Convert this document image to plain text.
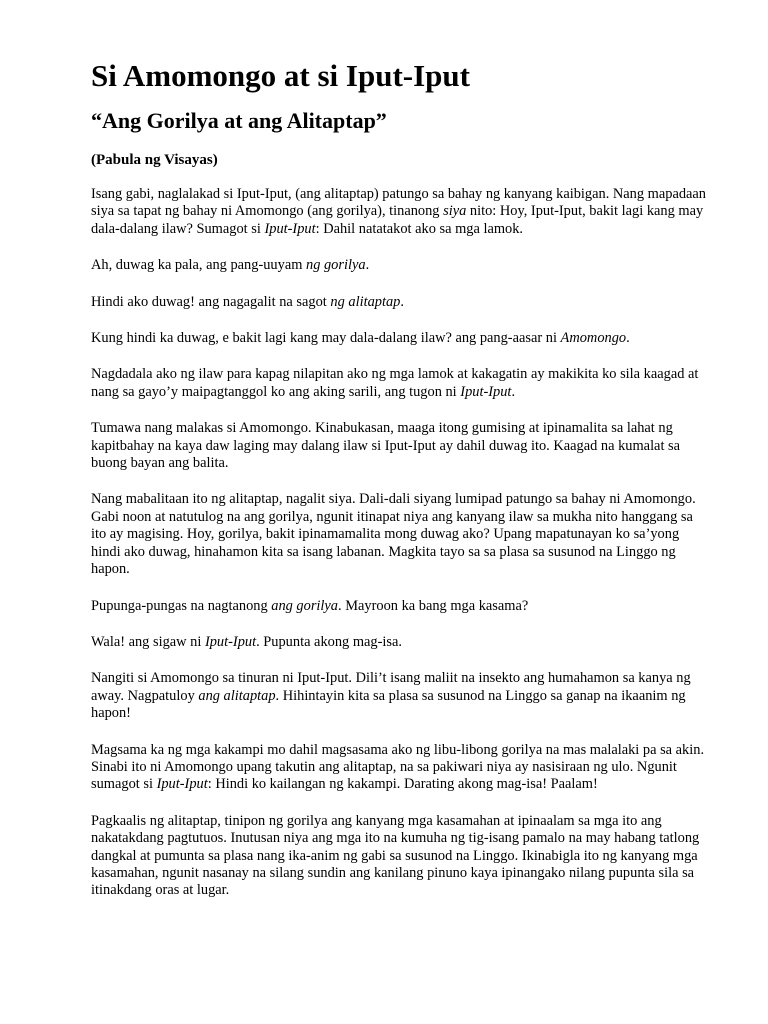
Si Amomongo at si Iput-Iput
“Ang Gorilya at ang Alitaptap”
(Pabula ng Visayas)

Isang gabi, naglalakad si Iput-Iput, (ang alitaptap) patungo sa bahay ng kanyang kaibigan. Nang mapadaan siya sa tapat ng bahay ni Amomongo (ang gorilya), tinanong siya nito: Hoy, Iput-Iput, bakit lagi kang may dala-dalang ilaw? Sumagot si Iput-Iput: Dahil natatakot ako sa mga lamok.

Ah, duwag ka pala, ang pang-uuyam ng gorilya.

Hindi ako duwag! ang nagagalit na sagot ng alitaptap.

Kung hindi ka duwag, e bakit lagi kang may dala-dalang ilaw? ang pang-aasar ni Amomongo.

Nagdadala ako ng ilaw para kapag nilapitan ako ng mga lamok at kakagatin ay makikita ko sila kaagad at nang sa gayo’y maipagtanggol ko ang aking sarili, ang tugon ni Iput-Iput.

Tumawa nang malakas si Amomongo. Kinabukasan, maaga itong gumising at ipinamalita sa lahat ng kapitbahay na kaya daw laging may dalang ilaw si Iput-Iput ay dahil duwag ito. Kaagad na kumalat sa buong bayan ang balita.

Nang mabalitaan ito ng alitaptap, nagalit siya. Dali-dali siyang lumipad patungo sa bahay ni Amomongo. Gabi noon at natutulog na ang gorilya, ngunit itinapat niya ang kanyang ilaw sa mukha nito hanggang sa ito ay magising. Hoy, gorilya, bakit ipinamamalita mong duwag ako? Upang mapatunayan ko sa’yong hindi ako duwag, hinahamon kita sa isang labanan. Magkita tayo sa sa plasa sa susunod na Linggo ng hapon.

Pupunga-pungas na nagtanong ang gorilya. Mayroon ka bang mga kasama?

Wala! ang sigaw ni Iput-Iput. Pupunta akong mag-isa.

Nangiti si Amomongo sa tinuran ni Iput-Iput. Dili’t isang maliit na insekto ang humahamon sa kanya ng away. Nagpatuloy ang alitaptap. Hihintayin kita sa plasa sa susunod na Linggo sa ganap na ikaanim ng hapon!

Magsama ka ng mga kakampi mo dahil magsasama ako ng libu-libong gorilya na mas malalaki pa sa akin. Sinabi ito ni Amomongo upang takutin ang alitaptap, na sa pakiwari niya ay nasisiraan ng ulo. Ngunit sumagot si Iput-Iput: Hindi ko kailangan ng kakampi. Darating akong mag-isa! Paalam!

Pagkaalis ng alitaptap, tinipon ng gorilya ang kanyang mga kasamahan at ipinaalam sa mga ito ang nakatakdang pagtutuos. Inutusan niya ang mga ito na kumuha ng tig-isang pamalo na may habang tatlong dangkal at pumunta sa plasa nang ika-anim ng gabi sa susunod na Linggo. Ikinabigla ito ng kanyang mga kasamahan, ngunit nasanay na silang sundin ang kanilang pinuno kaya ipinangako nilang pupunta sila sa itinakdang oras at lugar.
